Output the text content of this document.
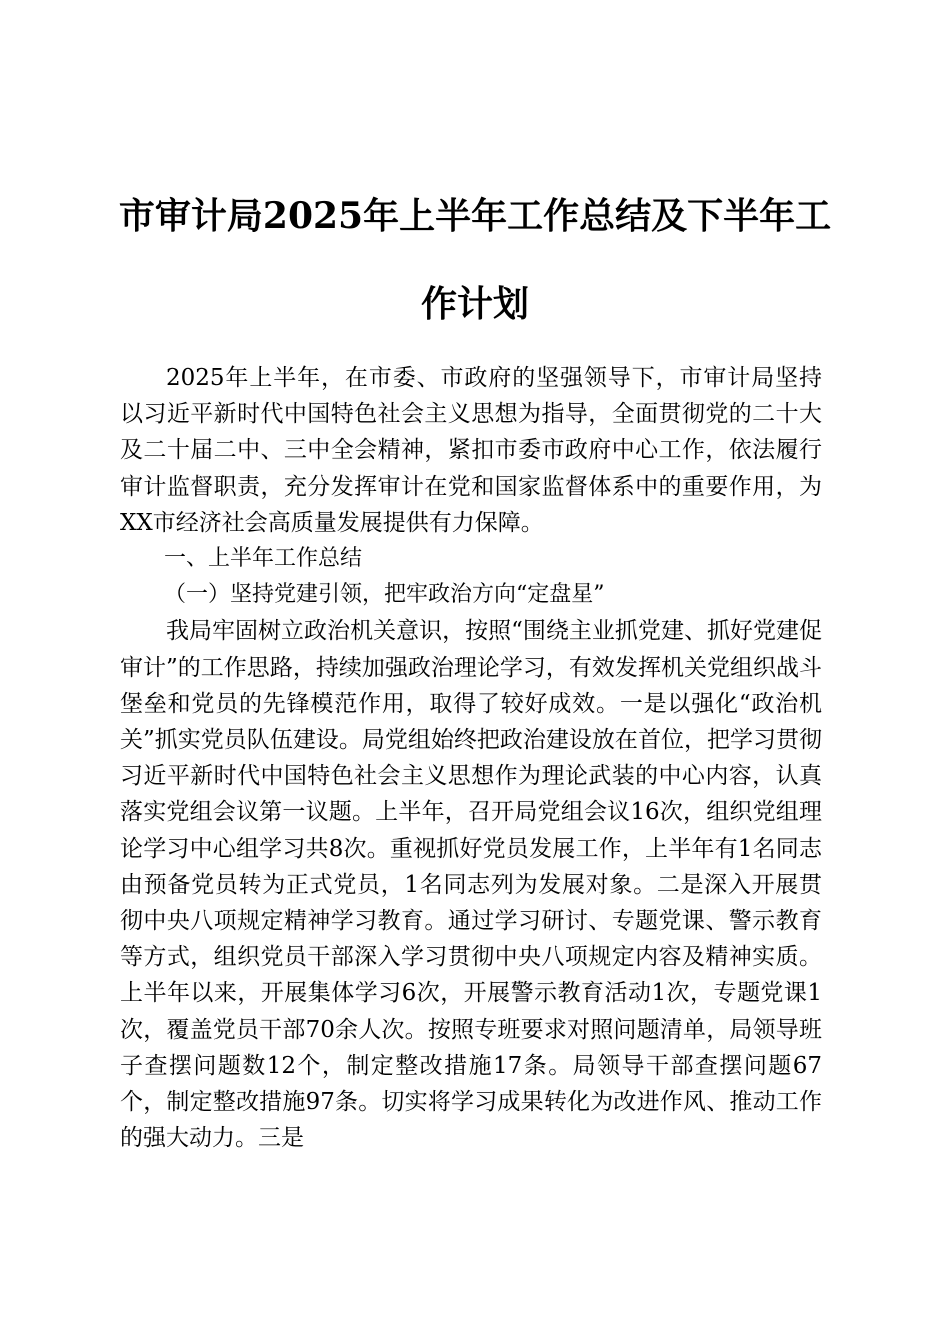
市审计局2025年上半年工作总结及下半年工作计划

2025年上半年，在市委、市政府的坚强领导下，市审计局坚持以习近平新时代中国特色社会主义思想为指导，全面贯彻党的二十大及二十届二中、三中全会精神，紧扣市委市政府中心工作，依法履行审计监督职责，充分发挥审计在党和国家监督体系中的重要作用，为XX市经济社会高质量发展提供有力保障。

一、上半年工作总结

（一）坚持党建引领，把牢政治方向“定盘星”

我局牢固树立政治机关意识，按照“围绕主业抓党建、抓好党建促审计”的工作思路，持续加强政治理论学习，有效发挥机关党组织战斗堡垒和党员的先锋模范作用，取得了较好成效。一是以强化“政治机关”抓实党员队伍建设。局党组始终把政治建设放在首位，把学习贯彻习近平新时代中国特色社会主义思想作为理论武装的中心内容，认真落实党组会议第一议题。上半年，召开局党组会议16次，组织党组理论学习中心组学习共8次。重视抓好党员发展工作，上半年有1名同志由预备党员转为正式党员，1名同志列为发展对象。二是深入开展贯彻中央八项规定精神学习教育。通过学习研讨、专题党课、警示教育等方式，组织党员干部深入学习贯彻中央八项规定内容及精神实质。上半年以来，开展集体学习6次，开展警示教育活动1次，专题党课1次，覆盖党员干部70余人次。按照专班要求对照问题清单，局领导班子查摆问题数12个，制定整改措施17条。局领导干部查摆问题67个，制定整改措施97条。切实将学习成果转化为改进作风、推动工作的强大动力。三是
